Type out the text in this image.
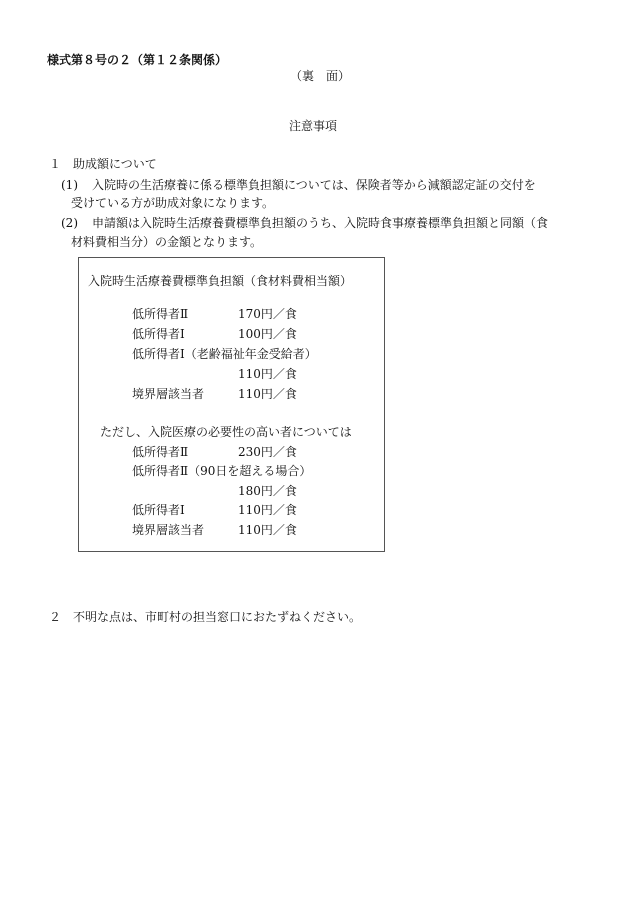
様式第８号の２（第１２条関係）
（裏　面）
注意事項
１ 助成額について
(1) 入院時の生活療養に係る標準負担額については、保険者等から減額認定証の交付を
受けている方が助成対象になります。
(2) 申請額は入院時生活療養費標準負担額のうち、入院時食事療養標準負担額と同額（食
材料費相当分）の金額となります。
入院時生活療養費標準負担額（食材料費相当額）
低所得者Ⅱ	170円／食
低所得者Ⅰ	100円／食
低所得者Ⅰ（老齢福祉年金受給者）
110円／食
境界層該当者	110円／食
ただし、入院医療の必要性の高い者については
低所得者Ⅱ	230円／食
低所得者Ⅱ（90日を超える場合）
180円／食
低所得者Ⅰ	110円／食
境界層該当者	110円／食
２ 不明な点は、市町村の担当窓口におたずねください。
